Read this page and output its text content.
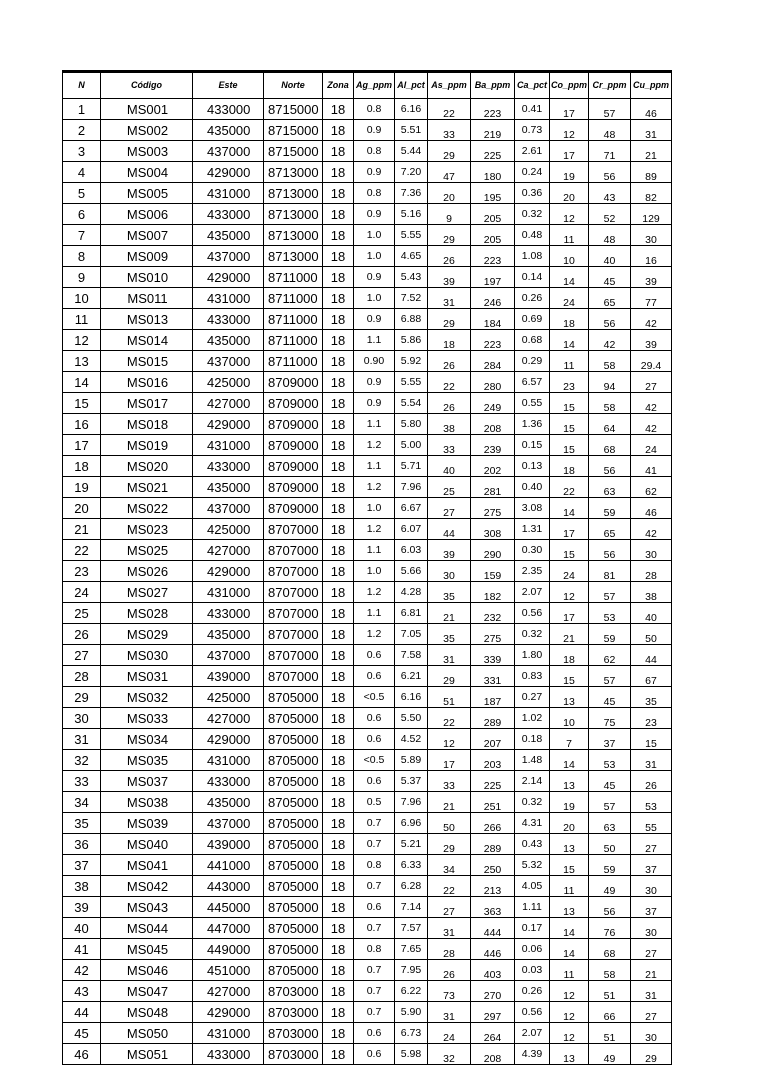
N	Código	Este	Norte	Zona	Ag_ppm	Al_pct	As_ppm	Ba_ppm	Ca_pct	Co_ppm	Cr_ppm	Cu_ppm
1	MS001	433000	8715000	18	0.8	6.16	22	223	0.41	17	57	46
2	MS002	435000	8715000	18	0.9	5.51	33	219	0.73	12	48	31
3	MS003	437000	8715000	18	0.8	5.44	29	225	2.61	17	71	21
4	MS004	429000	8713000	18	0.9	7.20	47	180	0.24	19	56	89
5	MS005	431000	8713000	18	0.8	7.36	20	195	0.36	20	43	82
6	MS006	433000	8713000	18	0.9	5.16	9	205	0.32	12	52	129
7	MS007	435000	8713000	18	1.0	5.55	29	205	0.48	11	48	30
8	MS009	437000	8713000	18	1.0	4.65	26	223	1.08	10	40	16
9	MS010	429000	8711000	18	0.9	5.43	39	197	0.14	14	45	39
10	MS011	431000	8711000	18	1.0	7.52	31	246	0.26	24	65	77
11	MS013	433000	8711000	18	0.9	6.88	29	184	0.69	18	56	42
12	MS014	435000	8711000	18	1.1	5.86	18	223	0.68	14	42	39
13	MS015	437000	8711000	18	0.90	5.92	26	284	0.29	11	58	29.4
14	MS016	425000	8709000	18	0.9	5.55	22	280	6.57	23	94	27
15	MS017	427000	8709000	18	0.9	5.54	26	249	0.55	15	58	42
16	MS018	429000	8709000	18	1.1	5.80	38	208	1.36	15	64	42
17	MS019	431000	8709000	18	1.2	5.00	33	239	0.15	15	68	24
18	MS020	433000	8709000	18	1.1	5.71	40	202	0.13	18	56	41
19	MS021	435000	8709000	18	1.2	7.96	25	281	0.40	22	63	62
20	MS022	437000	8709000	18	1.0	6.67	27	275	3.08	14	59	46
21	MS023	425000	8707000	18	1.2	6.07	44	308	1.31	17	65	42
22	MS025	427000	8707000	18	1.1	6.03	39	290	0.30	15	56	30
23	MS026	429000	8707000	18	1.0	5.66	30	159	2.35	24	81	28
24	MS027	431000	8707000	18	1.2	4.28	35	182	2.07	12	57	38
25	MS028	433000	8707000	18	1.1	6.81	21	232	0.56	17	53	40
26	MS029	435000	8707000	18	1.2	7.05	35	275	0.32	21	59	50
27	MS030	437000	8707000	18	0.6	7.58	31	339	1.80	18	62	44
28	MS031	439000	8707000	18	0.6	6.21	29	331	0.83	15	57	67
29	MS032	425000	8705000	18	<0.5	6.16	51	187	0.27	13	45	35
30	MS033	427000	8705000	18	0.6	5.50	22	289	1.02	10	75	23
31	MS034	429000	8705000	18	0.6	4.52	12	207	0.18	7	37	15
32	MS035	431000	8705000	18	<0.5	5.89	17	203	1.48	14	53	31
33	MS037	433000	8705000	18	0.6	5.37	33	225	2.14	13	45	26
34	MS038	435000	8705000	18	0.5	7.96	21	251	0.32	19	57	53
35	MS039	437000	8705000	18	0.7	6.96	50	266	4.31	20	63	55
36	MS040	439000	8705000	18	0.7	5.21	29	289	0.43	13	50	27
37	MS041	441000	8705000	18	0.8	6.33	34	250	5.32	15	59	37
38	MS042	443000	8705000	18	0.7	6.28	22	213	4.05	11	49	30
39	MS043	445000	8705000	18	0.6	7.14	27	363	1.11	13	56	37
40	MS044	447000	8705000	18	0.7	7.57	31	444	0.17	14	76	30
41	MS045	449000	8705000	18	0.8	7.65	28	446	0.06	14	68	27
42	MS046	451000	8705000	18	0.7	7.95	26	403	0.03	11	58	21
43	MS047	427000	8703000	18	0.7	6.22	73	270	0.26	12	51	31
44	MS048	429000	8703000	18	0.7	5.90	31	297	0.56	12	66	27
45	MS050	431000	8703000	18	0.6	6.73	24	264	2.07	12	51	30
46	MS051	433000	8703000	18	0.6	5.98	32	208	4.39	13	49	29
